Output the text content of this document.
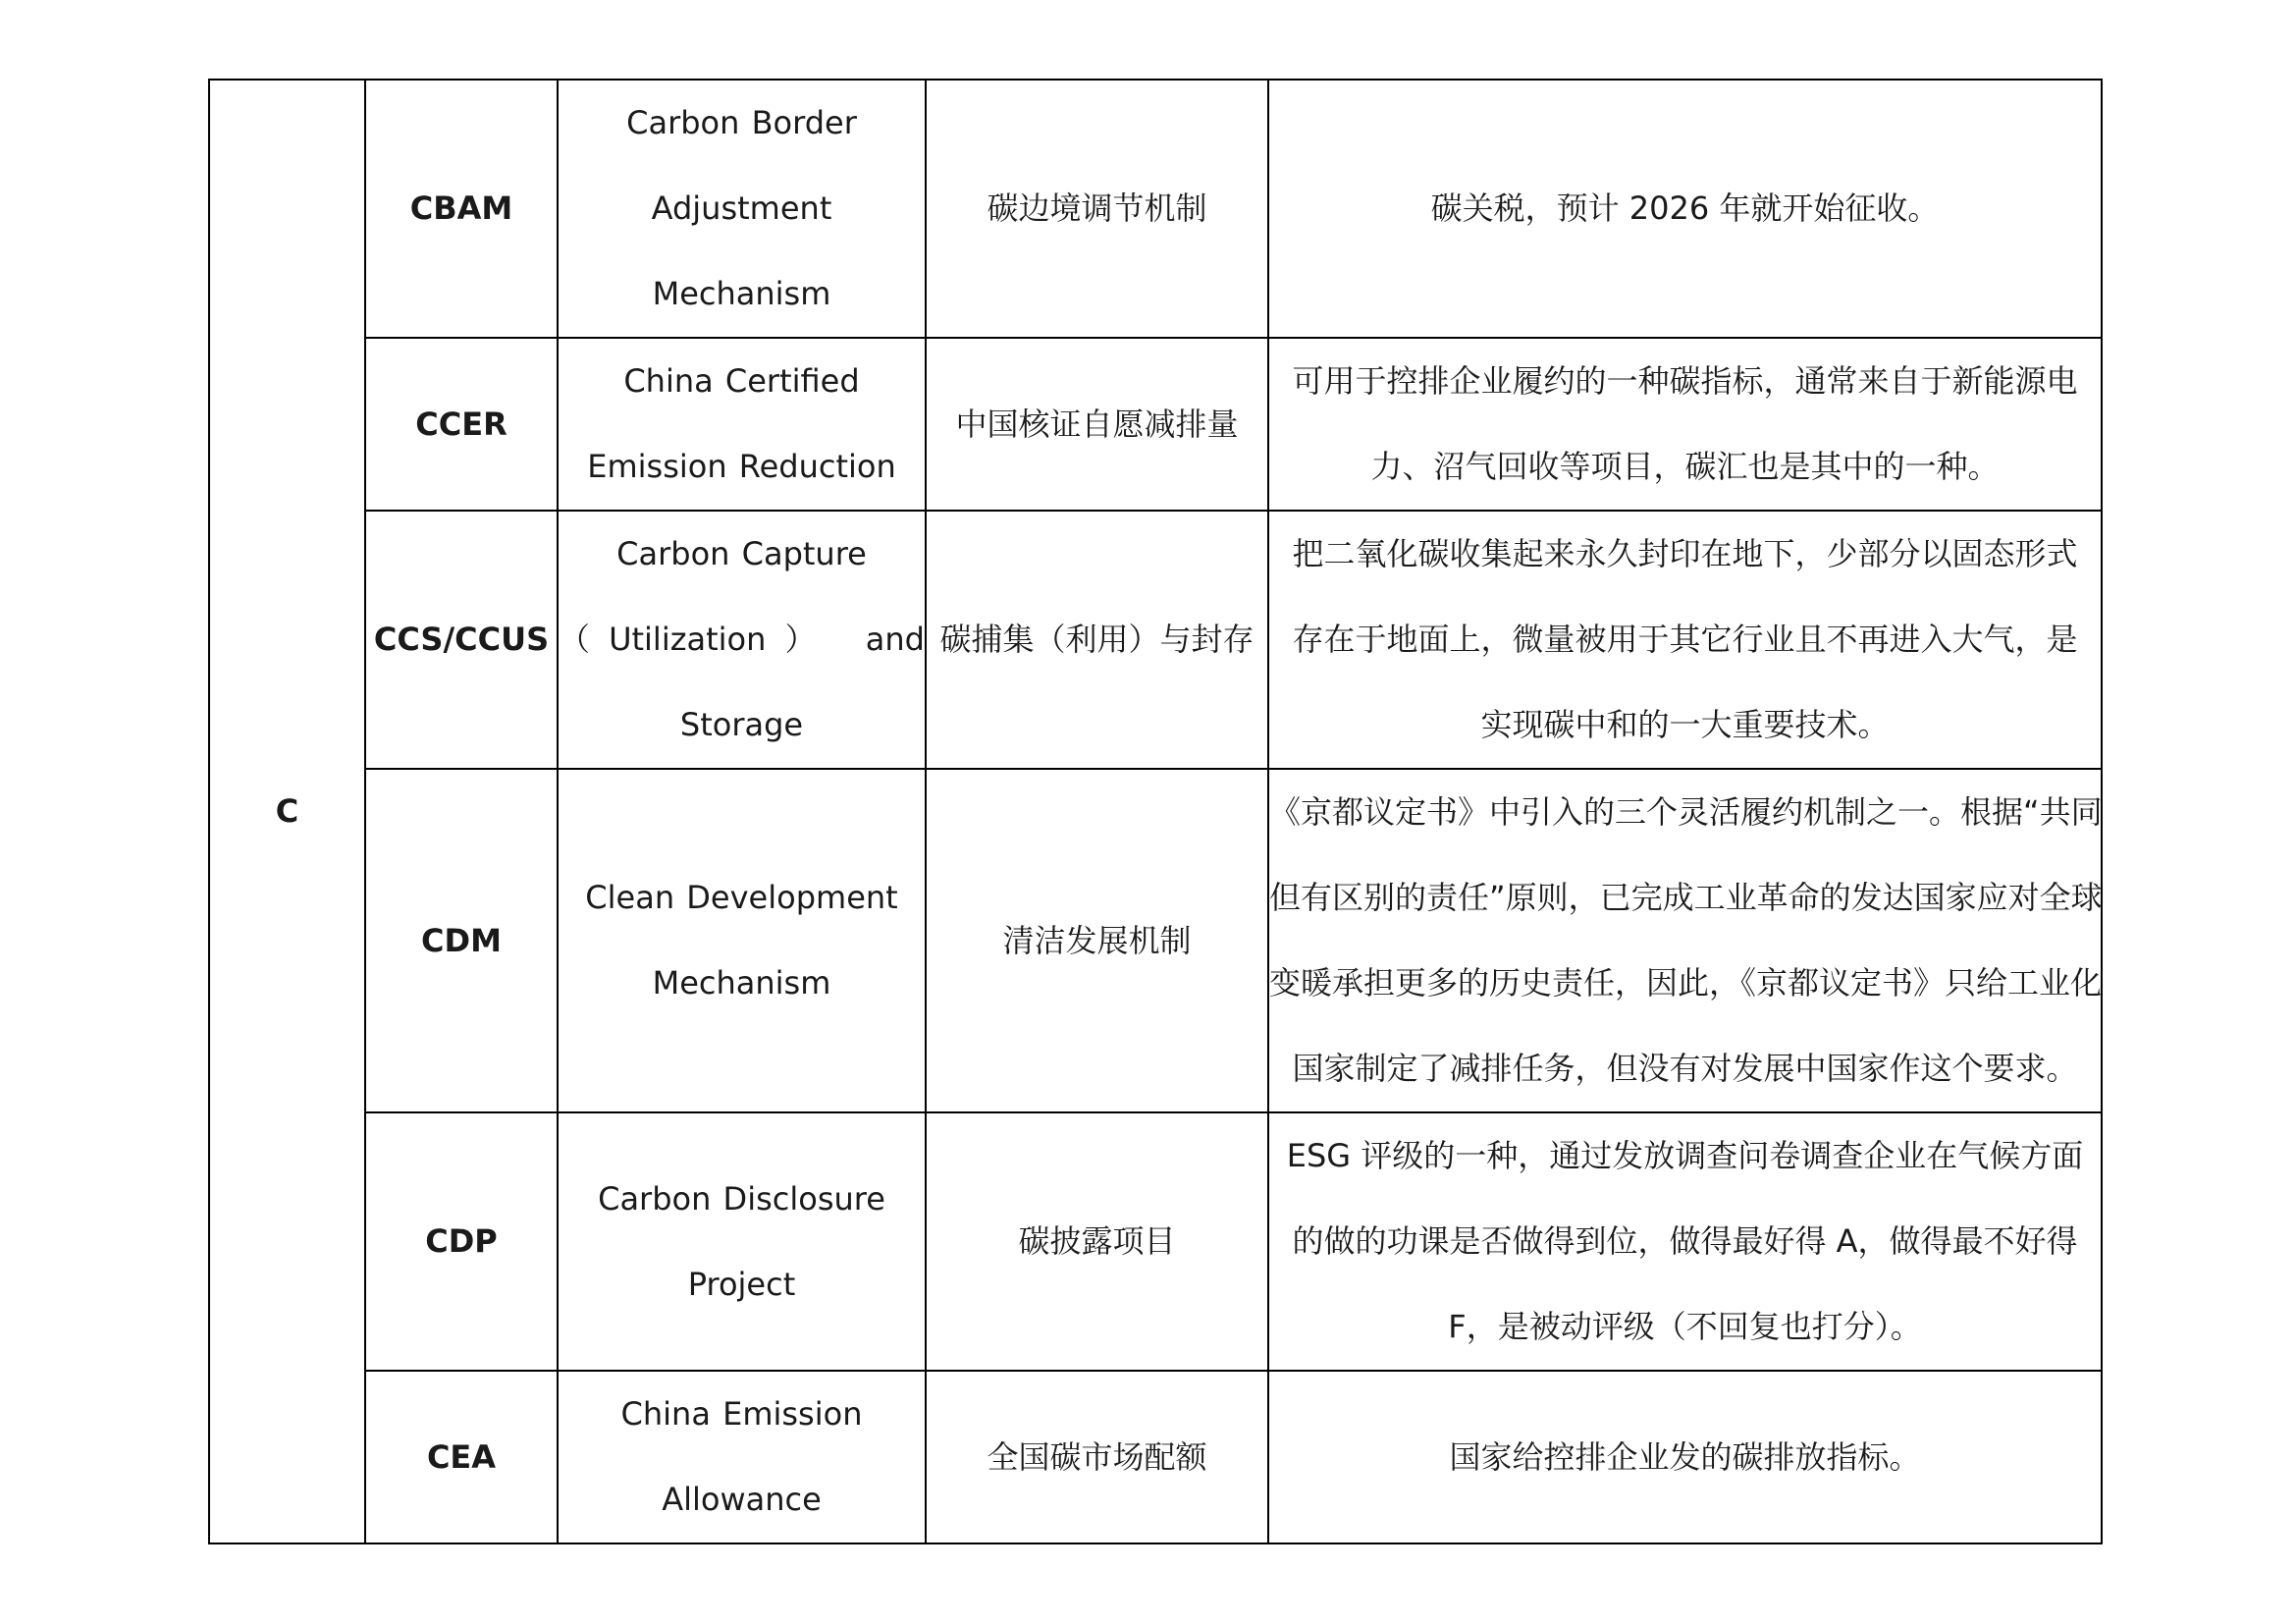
C	CBAM	Carbon Border
Adjustment
Mechanism	碳边境调节机制	碳关税，预计 2026 年就开始征收。

	CCER	China Certified
Emission Reduction	中国核证自愿减排量	可用于控排企业履约的一种碳指标，通常来自于新能源电
力、沼气回收等项目，碳汇也是其中的一种。

	CCS/CCUS	Carbon Capture
（Utilization） and
Storage	碳捕集（利用）与封存	把二氧化碳收集起来永久封印在地下，少部分以固态形式
存在于地面上，微量被用于其它行业且不再进入大气，是
实现碳中和的一大重要技术。

	CDM	Clean Development
Mechanism	清洁发展机制	《京都议定书》中引入的三个灵活履约机制之一。根据“共同
但有区别的责任”原则，已完成工业革命的发达国家应对全球
变暖承担更多的历史责任，因此，《京都议定书》只给工业化
国家制定了减排任务，但没有对发展中国家作这个要求。

	CDP	Carbon Disclosure
Project	碳披露项目	ESG 评级的一种，通过发放调查问卷调查企业在气候方面
的做的功课是否做得到位，做得最好得 A，做得最不好得
F，是被动评级（不回复也打分）。

	CEA	China Emission
Allowance	全国碳市场配额	国家给控排企业发的碳排放指标。
